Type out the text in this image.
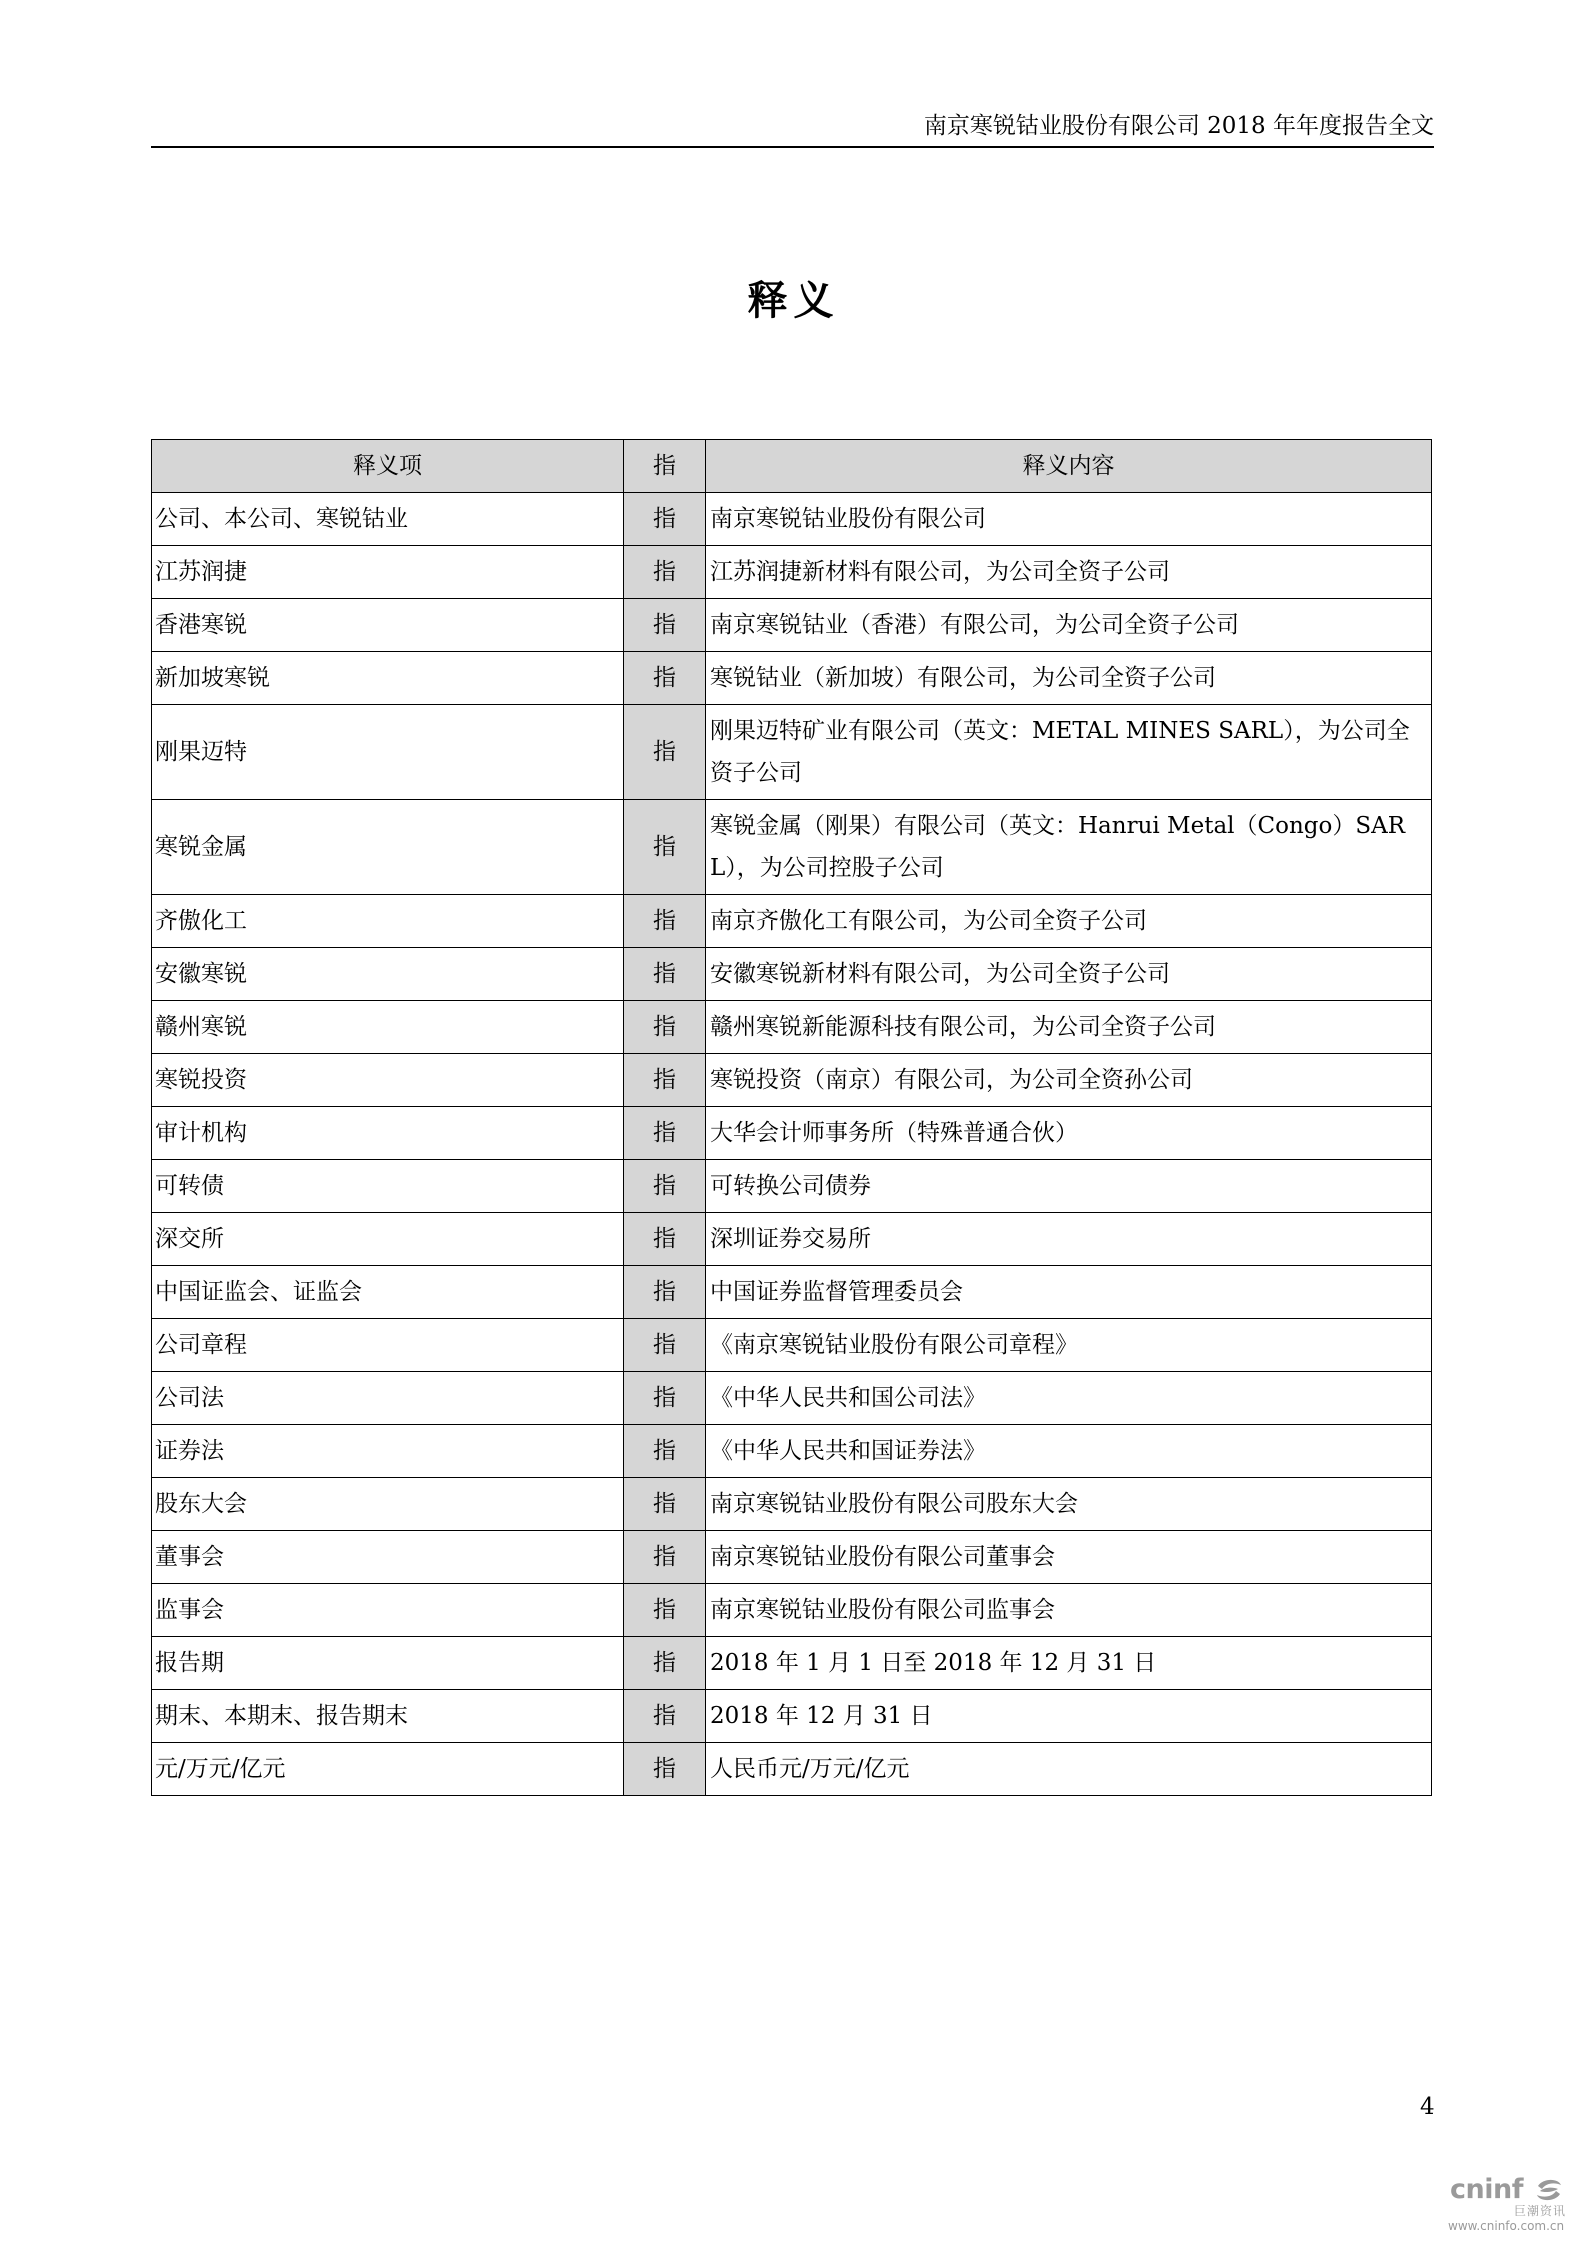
南京寒锐钴业股份有限公司 2018 年年度报告全文
释义
释义项	指	释义内容
公司、本公司、寒锐钴业	指	南京寒锐钴业股份有限公司
江苏润捷	指	江苏润捷新材料有限公司，为公司全资子公司
香港寒锐	指	南京寒锐钴业（香港）有限公司，为公司全资子公司
新加坡寒锐	指	寒锐钴业（新加坡）有限公司，为公司全资子公司
刚果迈特	指	刚果迈特矿业有限公司（英文：METAL MINES SARL），为公司全资子公司
寒锐金属	指	寒锐金属（刚果）有限公司（英文：Hanrui Metal（Congo）SARL），为公司控股子公司
齐傲化工	指	南京齐傲化工有限公司，为公司全资子公司
安徽寒锐	指	安徽寒锐新材料有限公司，为公司全资子公司
赣州寒锐	指	赣州寒锐新能源科技有限公司，为公司全资子公司
寒锐投资	指	寒锐投资（南京）有限公司，为公司全资孙公司
审计机构	指	大华会计师事务所（特殊普通合伙）
可转债	指	可转换公司债券
深交所	指	深圳证券交易所
中国证监会、证监会	指	中国证券监督管理委员会
公司章程	指	《南京寒锐钴业股份有限公司章程》
公司法	指	《中华人民共和国公司法》
证券法	指	《中华人民共和国证券法》
股东大会	指	南京寒锐钴业股份有限公司股东大会
董事会	指	南京寒锐钴业股份有限公司董事会
监事会	指	南京寒锐钴业股份有限公司监事会
报告期	指	2018 年 1 月 1 日至 2018 年 12 月 31 日
期末、本期末、报告期末	指	2018 年 12 月 31 日
元/万元/亿元	指	人民币元/万元/亿元
4
cninf
巨潮资讯
www.cninfo.com.cn
